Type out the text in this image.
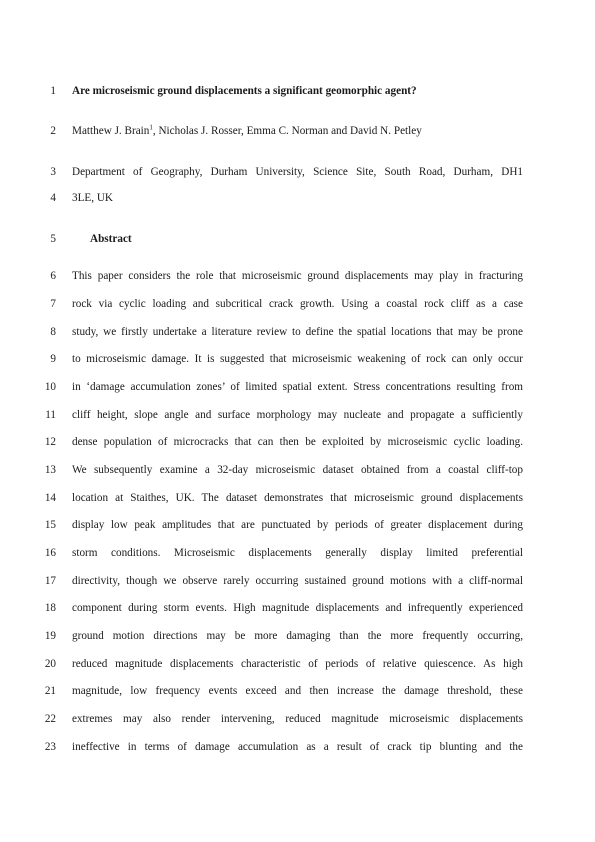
1 Are microseismic ground displacements a significant geomorphic agent?
2 Matthew J. Brain$^1$, Nicholas J. Rosser, Emma C. Norman and David N. Petley
3 Department of Geography, Durham University, Science Site, South Road, Durham, DH1
4 3LE, UK
5	Abstract
6 This paper considers the role that microseismic ground displacements may play in fracturing
7 rock via cyclic loading and subcritical crack growth. Using a coastal rock cliff as a case
8 study, we firstly undertake a literature review to define the spatial locations that may be prone
9 to microseismic damage. It is suggested that microseismic weakening of rock can only occur
10 in ‘damage accumulation zones’ of limited spatial extent. Stress concentrations resulting from
11 cliff height, slope angle and surface morphology may nucleate and propagate a sufficiently
12 dense population of microcracks that can then be exploited by microseismic cyclic loading.
13 We subsequently examine a 32-day microseismic dataset obtained from a coastal cliff-top
14 location at Staithes, UK. The dataset demonstrates that microseismic ground displacements
15 display low peak amplitudes that are punctuated by periods of greater displacement during
16 storm conditions. Microseismic displacements generally display limited preferential
17 directivity, though we observe rarely occurring sustained ground motions with a cliff-normal
18 component during storm events. High magnitude displacements and infrequently experienced
19 ground motion directions may be more damaging than the more frequently occurring,
20 reduced magnitude displacements characteristic of periods of relative quiescence. As high
21 magnitude, low frequency events exceed and then increase the damage threshold, these
22 extremes may also render intervening, reduced magnitude microseismic displacements
23 ineffective in terms of damage accumulation as a result of crack tip blunting and the
